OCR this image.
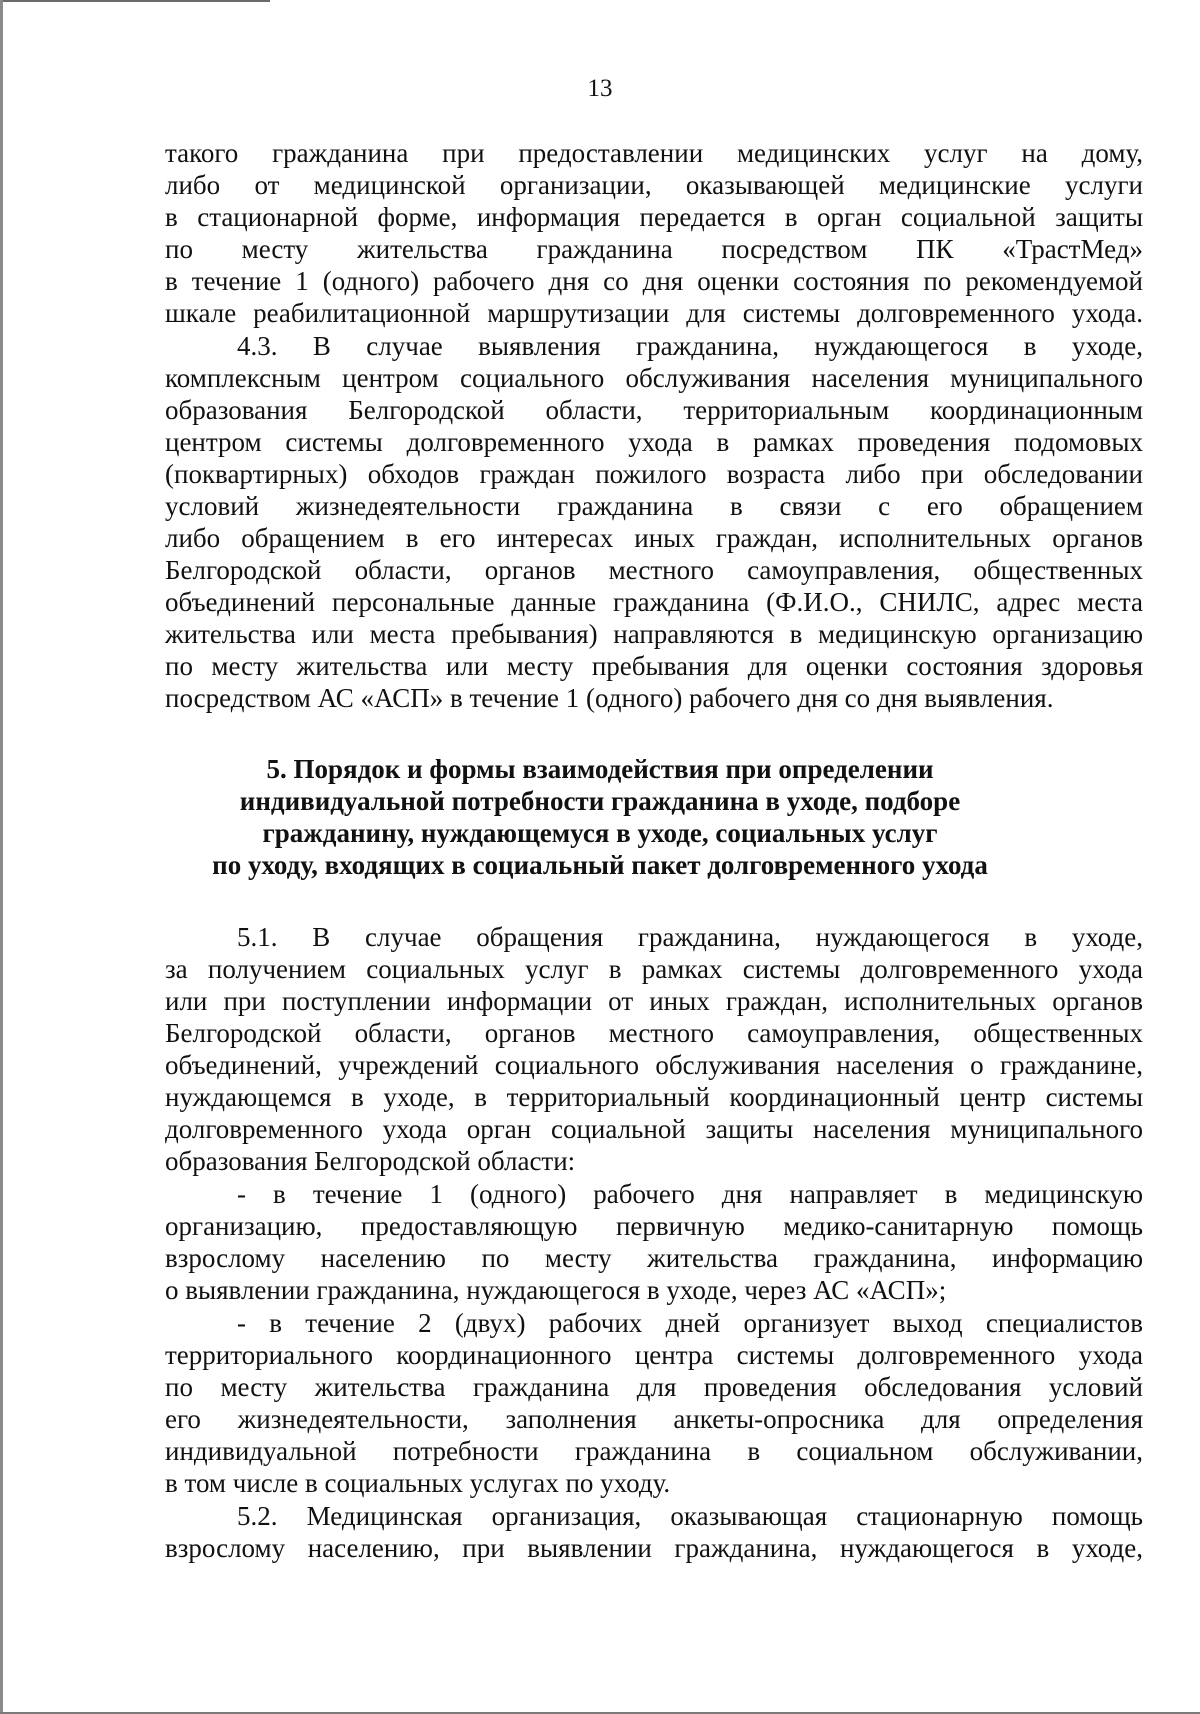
13
такого гражданина при предоставлении медицинских услуг на дому,
либо от медицинской организации, оказывающей медицинские услуги
в стационарной форме, информация передается в орган социальной защиты
по месту жительства гражданина посредством ПК «ТрастМед»
в течение 1 (одного) рабочего дня со дня оценки состояния по рекомендуемой
шкале реабилитационной маршрутизации для системы долговременного ухода.
4.3. В случае выявления гражданина, нуждающегося в уходе,
комплексным центром социального обслуживания населения муниципального
образования Белгородской области, территориальным координационным
центром системы долговременного ухода в рамках проведения подомовых
(поквартирных) обходов граждан пожилого возраста либо при обследовании
условий жизнедеятельности гражданина в связи с его обращением
либо обращением в его интересах иных граждан, исполнительных органов
Белгородской области, органов местного самоуправления, общественных
объединений персональные данные гражданина (Ф.И.О., СНИЛС, адрес места
жительства или места пребывания) направляются в медицинскую организацию
по месту жительства или месту пребывания для оценки состояния здоровья
посредством АС «АСП» в течение 1 (одного) рабочего дня со дня выявления.
5. Порядок и формы взаимодействия при определении
индивидуальной потребности гражданина в уходе, подборе
гражданину, нуждающемуся в уходе, социальных услуг
по уходу, входящих в социальный пакет долговременного ухода
5.1. В случае обращения гражданина, нуждающегося в уходе,
за получением социальных услуг в рамках системы долговременного ухода
или при поступлении информации от иных граждан, исполнительных органов
Белгородской области, органов местного самоуправления, общественных
объединений, учреждений социального обслуживания населения о гражданине,
нуждающемся в уходе, в территориальный координационный центр системы
долговременного ухода орган социальной защиты населения муниципального
образования Белгородской области:
- в течение 1 (одного) рабочего дня направляет в медицинскую
организацию, предоставляющую первичную медико-санитарную помощь
взрослому населению по месту жительства гражданина, информацию
о выявлении гражданина, нуждающегося в уходе, через АС «АСП»;
- в течение 2 (двух) рабочих дней организует выход специалистов
территориального координационного центра системы долговременного ухода
по месту жительства гражданина для проведения обследования условий
его жизнедеятельности, заполнения анкеты-опросника для определения
индивидуальной потребности гражданина в социальном обслуживании,
в том числе в социальных услугах по уходу.
5.2. Медицинская организация, оказывающая стационарную помощь
взрослому населению, при выявлении гражданина, нуждающегося в уходе,
